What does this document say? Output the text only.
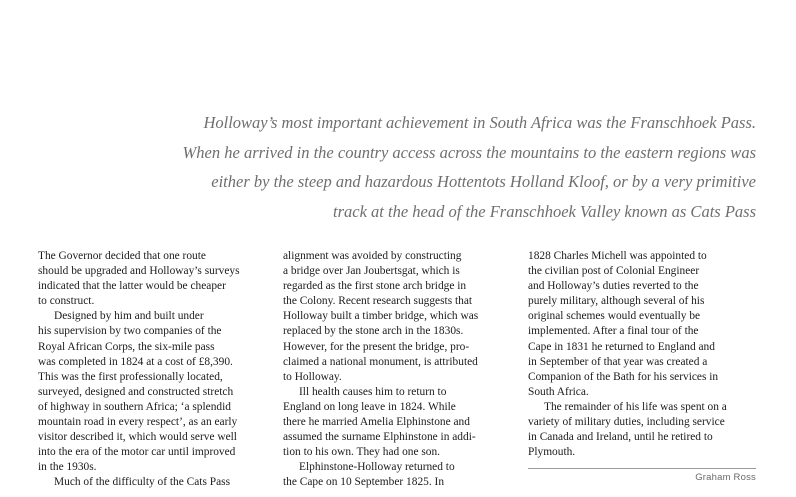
Holloway’s most important achievement in South Africa was the Franschhoek Pass.
When he arrived in the country access across the mountains to the eastern regions was
either by the steep and hazardous Hottentots Holland Kloof, or by a very primitive
track at the head of the Franschhoek Valley known as Cats Pass
The Governor decided that one route
should be upgraded and Holloway’s surveys
indicated that the latter would be cheaper
to construct.
Designed by him and built under
his supervision by two companies of the
Royal African Corps, the six-mile pass
was completed in 1824 at a cost of £8,390.
This was the first professionally located,
surveyed, designed and constructed stretch
of highway in southern Africa; ‘a splendid
mountain road in every respect’, as an early
visitor described it, which would serve well
into the era of the motor car until improved
in the 1930s.
Much of the difficulty of the Cats Pass
alignment was avoided by constructing
a bridge over Jan Joubertsgat, which is
regarded as the first stone arch bridge in
the Colony. Recent research suggests that
Holloway built a timber bridge, which was
replaced by the stone arch in the 1830s.
However, for the present the bridge, pro-
claimed a national monument, is attributed
to Holloway.
Ill health causes him to return to
England on long leave in 1824. While
there he married Amelia Elphinstone and
assumed the surname Elphinstone in addi-
tion to his own. They had one son.
Elphinstone-Holloway returned to
the Cape on 10 September 1825. In
1828 Charles Michell was appointed to
the civilian post of Colonial Engineer
and Holloway’s duties reverted to the
purely military, although several of his
original schemes would eventually be
implemented. After a final tour of the
Cape in 1831 he returned to England and
in September of that year was created a
Companion of the Bath for his services in
South Africa.
The remainder of his life was spent on a
variety of military duties, including service
in Canada and Ireland, until he retired to
Plymouth.
Graham Ross
